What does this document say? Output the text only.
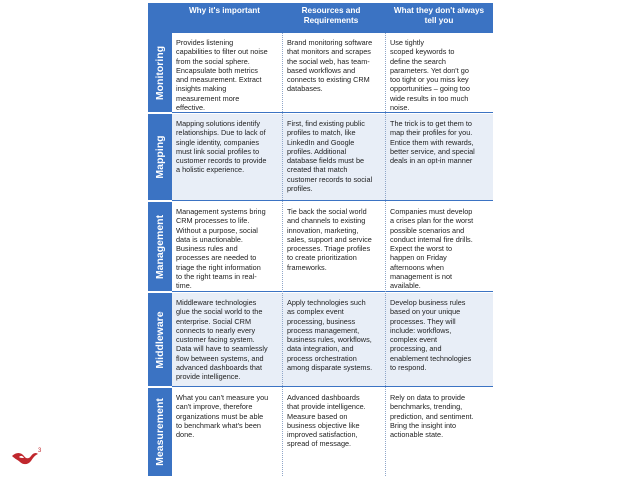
Why it's important	Resources and
Requirements
What they don't always
tell you
Monitoring
Provides listening
capabilities to filter out noise
from the social sphere.
Encapsulate both metrics
and measurement. Extract
insights making
measurement more
effective.
Brand monitoring software
that monitors and scrapes
the social web, has team-
based workflows and
connects to existing CRM
databases.
Use tightly
scoped keywords to
define the search
parameters. Yet don't go
too tight or you miss key
opportunities – going too
wide results in too much
noise.
Mapping
Mapping solutions identify
relationships. Due to lack of
single identity, companies
must link social profiles to
customer records to provide
a holistic experience.
First, find existing public
profiles to match, like
LinkedIn and Google
profiles. Additional
database fields must be
created that match
customer records to social
profiles.
The trick is to get them to
map their profiles for you.
Entice them with rewards,
better service, and special
deals in an opt-in manner
Management
Management systems bring
CRM processes to life.
Without a purpose, social
data is unactionable.
Business rules and
processes are needed to
triage the right information
to the right teams in real-
time.
Tie back the social world
and channels to existing
innovation, marketing,
sales, support and service
processes. Triage profiles
to create prioritization
frameworks.
Companies must develop
a crises plan for the worst
possible scenarios and
conduct internal fire drills.
Expect the worst to
happen on Friday
afternoons when
management is not
available.
Middleware
Middleware technologies
glue the social world to the
enterprise. Social CRM
connects to nearly every
customer facing system.
Data will have to seamlessly
flow between systems, and
advanced dashboards that
provide intelligence.
Apply technologies such
as complex event
processing, business
process management,
business rules, workflows,
data integration, and
process orchestration
among disparate systems.
Develop business rules
based on your unique
processes. They will
include: workflows,
complex event
processing, and
enablement technologies
to respond.
Measurement
What you can't measure you
can't improve, therefore
organizations must be able
to benchmark what's been
done.
Advanced dashboards
that provide intelligence.
Measure based on
business objective like
improved satisfaction,
spread of message.
Rely on data to provide
benchmarks, trending,
prediction, and sentiment.
Bring the insight into
actionable state.
3
